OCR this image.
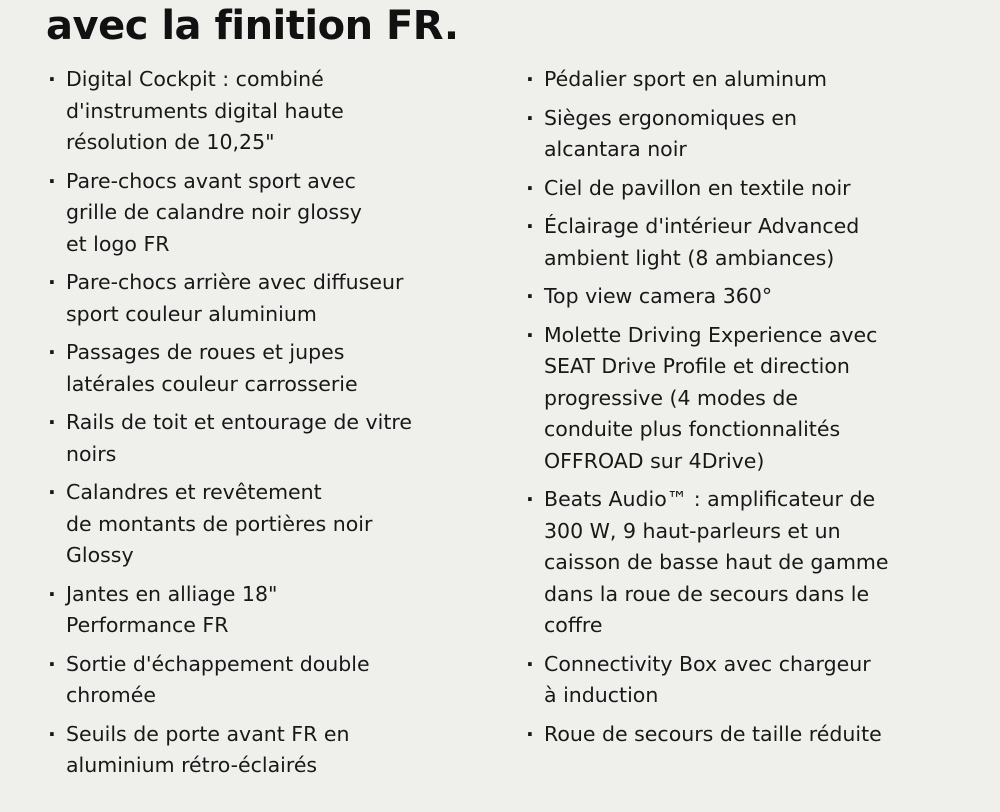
avec la finition FR.
· Digital Cockpit : combiné
d'instruments digital haute
résolution de 10,25"
· Pare-chocs avant sport avec
grille de calandre noir glossy
et logo FR
· Pare-chocs arrière avec diffuseur
sport couleur aluminium
· Passages de roues et jupes
latérales couleur carrosserie
· Rails de toit et entourage de vitre
noirs
· Calandres et revêtement
de montants de portières noir
Glossy
· Jantes en alliage 18"
Performance FR
· Sortie d'échappement double
chromée
· Seuils de porte avant FR en
aluminium rétro-éclairés
· Pédalier sport en aluminum
· Sièges ergonomiques en
alcantara noir
· Ciel de pavillon en textile noir
· Éclairage d'intérieur Advanced
ambient light (8 ambiances)
· Top view camera 360°
· Molette Driving Experience avec
SEAT Drive Profile et direction
progressive (4 modes de
conduite plus fonctionnalités
OFFROAD sur 4Drive)
· Beats Audio™ : amplificateur de
300 W, 9 haut-parleurs et un
caisson de basse haut de gamme
dans la roue de secours dans le
coffre
· Connectivity Box avec chargeur
à induction
· Roue de secours de taille réduite
